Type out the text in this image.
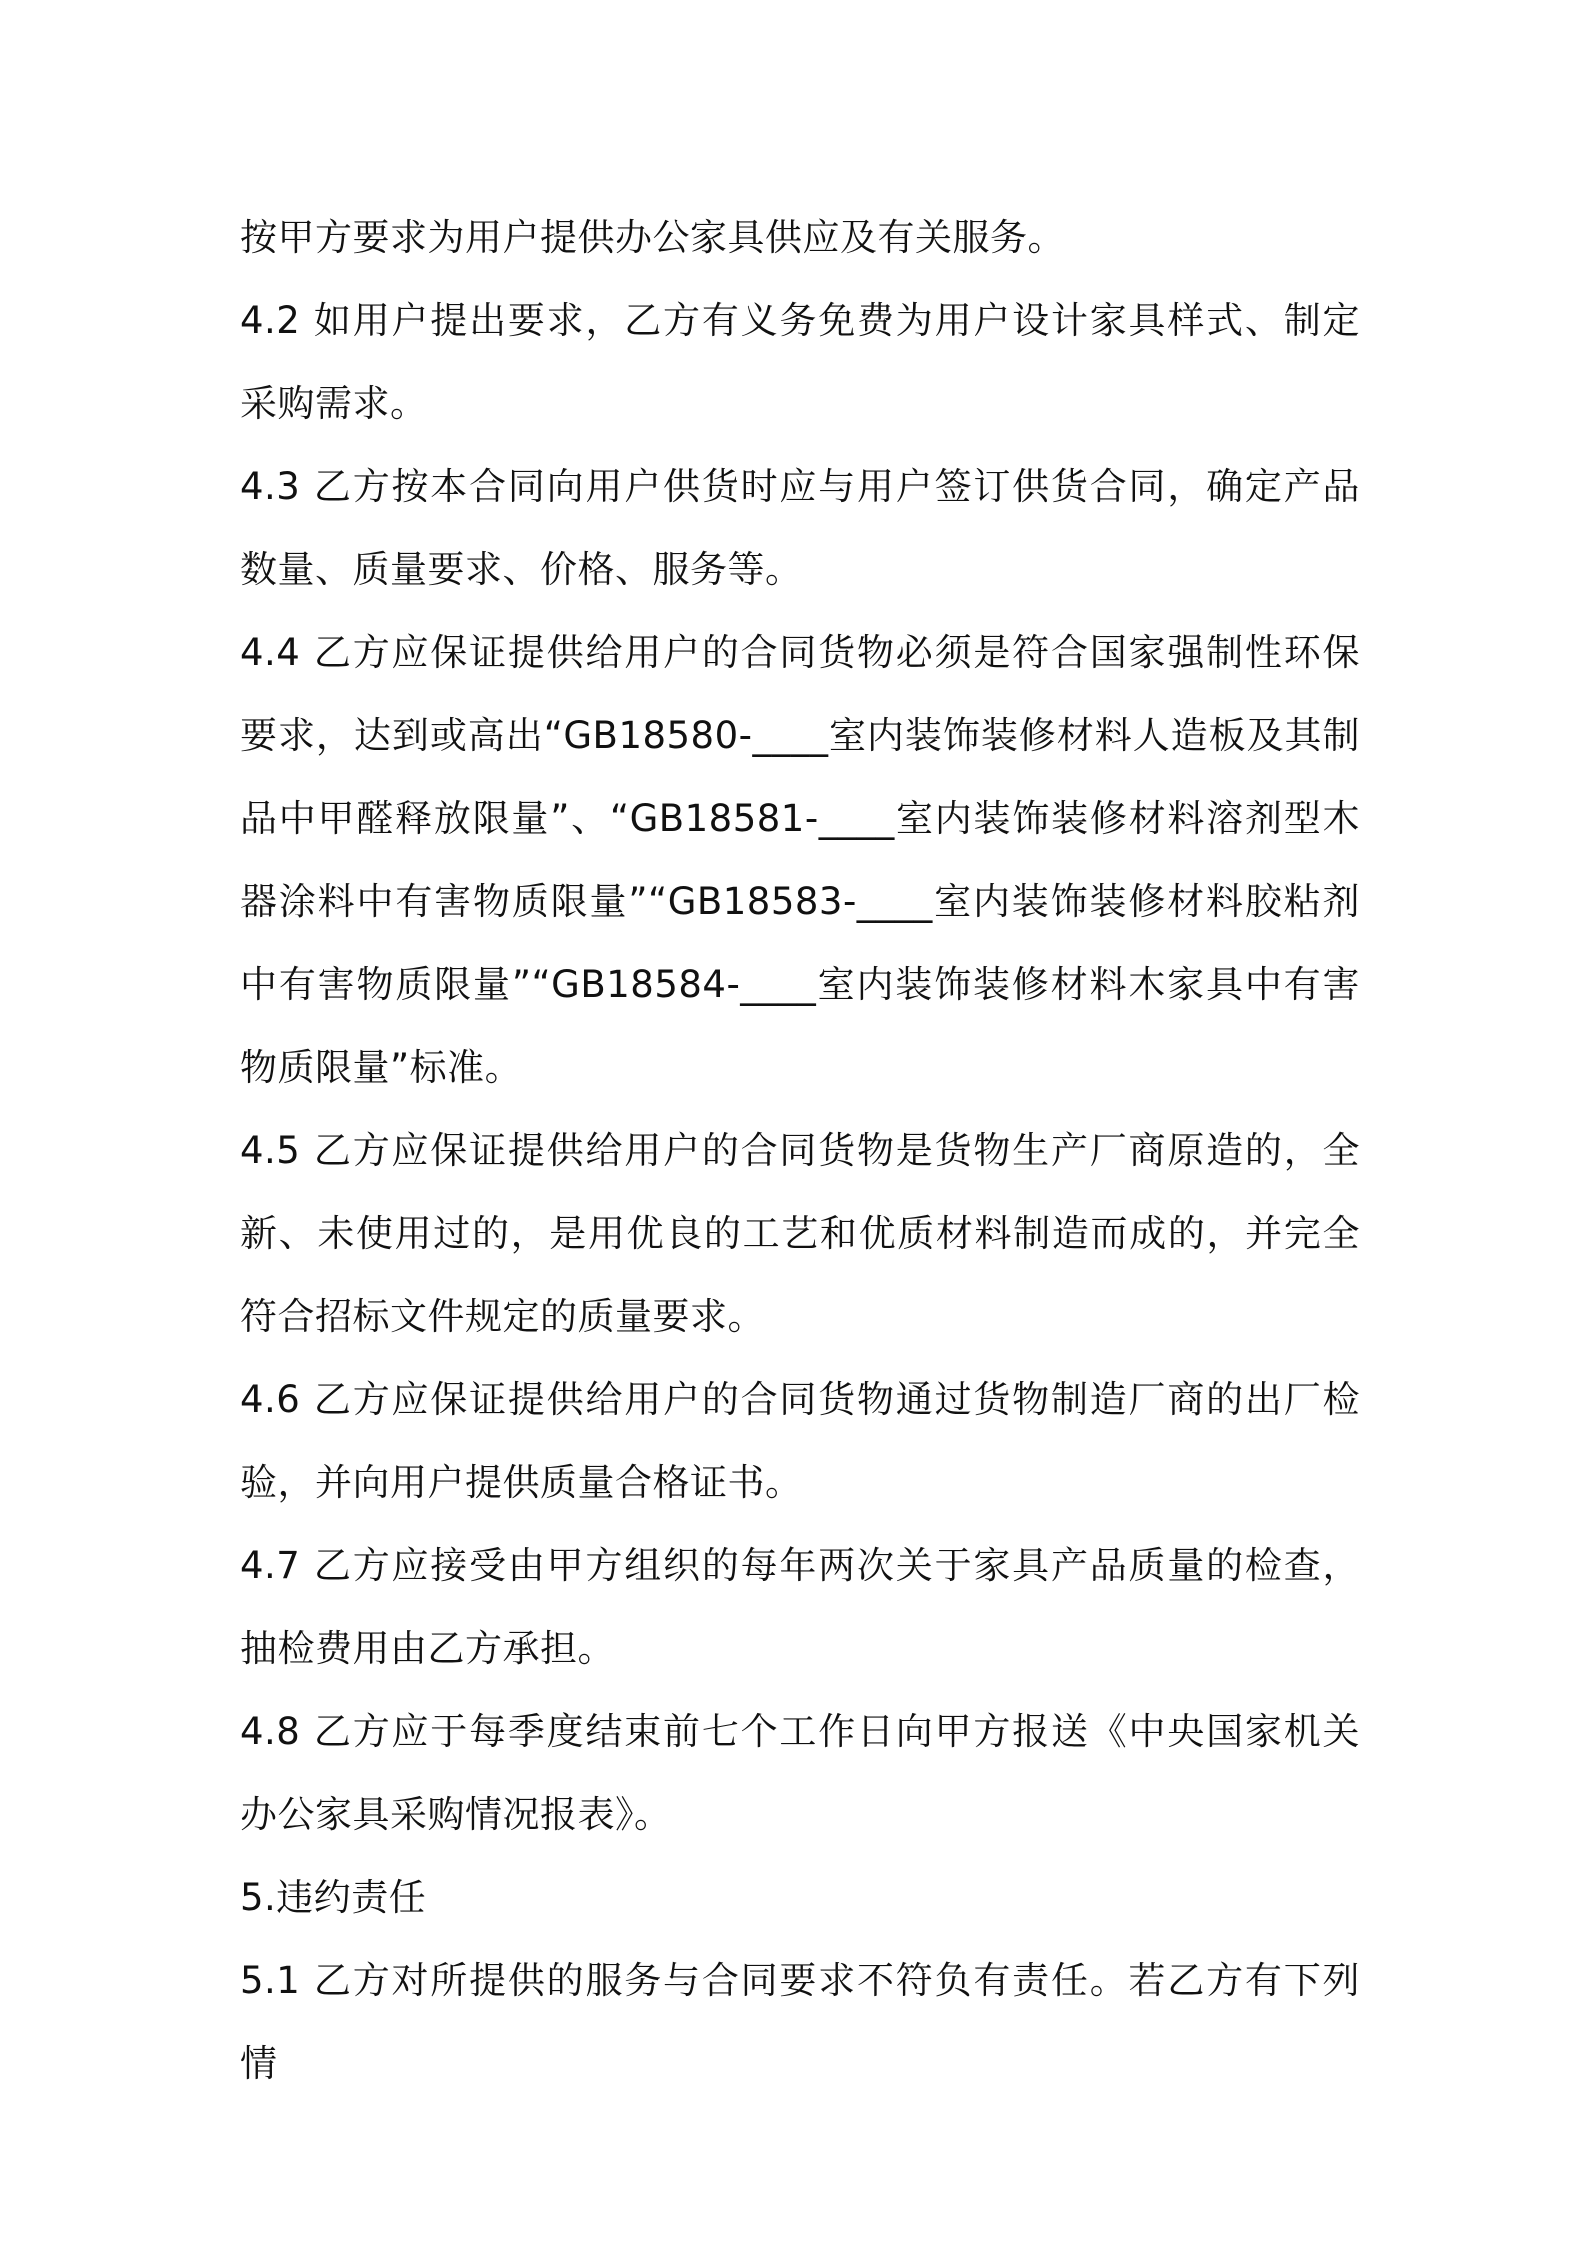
按甲方要求为用户提供办公家具供应及有关服务。

4.2 如用户提出要求，乙方有义务免费为用户设计家具样式、制定采购需求。

4.3 乙方按本合同向用户供货时应与用户签订供货合同，确定产品数量、质量要求、价格、服务等。

4.4 乙方应保证提供给用户的合同货物必须是符合国家强制性环保要求，达到或高出“GB18580-____室内装饰装修材料人造板及其制品中甲醛释放限量”、“GB18581-____室内装饰装修材料溶剂型木器涂料中有害物质限量”“GB18583-____室内装饰装修材料胶粘剂中有害物质限量”“GB18584-____室内装饰装修材料木家具中有害物质限量”标准。

4.5 乙方应保证提供给用户的合同货物是货物生产厂商原造的，全新、未使用过的，是用优良的工艺和优质材料制造而成的，并完全符合招标文件规定的质量要求。

4.6 乙方应保证提供给用户的合同货物通过货物制造厂商的出厂检验，并向用户提供质量合格证书。

4.7 乙方应接受由甲方组织的每年两次关于家具产品质量的检查，抽检费用由乙方承担。

4.8 乙方应于每季度结束前七个工作日向甲方报送《中央国家机关办公家具采购情况报表》。

5.违约责任

5.1 乙方对所提供的服务与合同要求不符负有责任。若乙方有下列情
